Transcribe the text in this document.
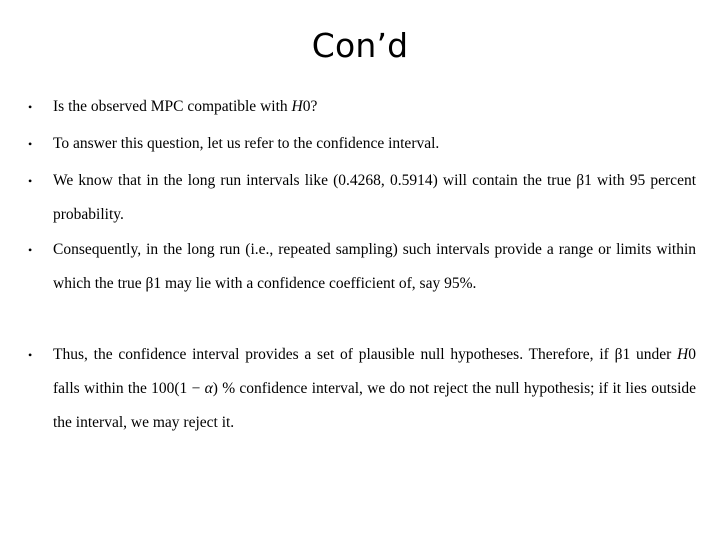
Con’d
• Is the observed MPC compatible with H0?
• To answer this question, let us refer to the confidence interval.
• We know that in the long run intervals like (0.4268, 0.5914) will contain the true β1 with 95 percent probability.
• Consequently, in the long run (i.e., repeated sampling) such intervals provide a range or limits within which the true β1 may lie with a confidence coefficient of, say 95%.
• Thus, the confidence interval provides a set of plausible null hypotheses. Therefore, if β1 under H0 falls within the 100(1 − α) % confidence interval, we do not reject the null hypothesis; if it lies outside the interval, we may reject it.
